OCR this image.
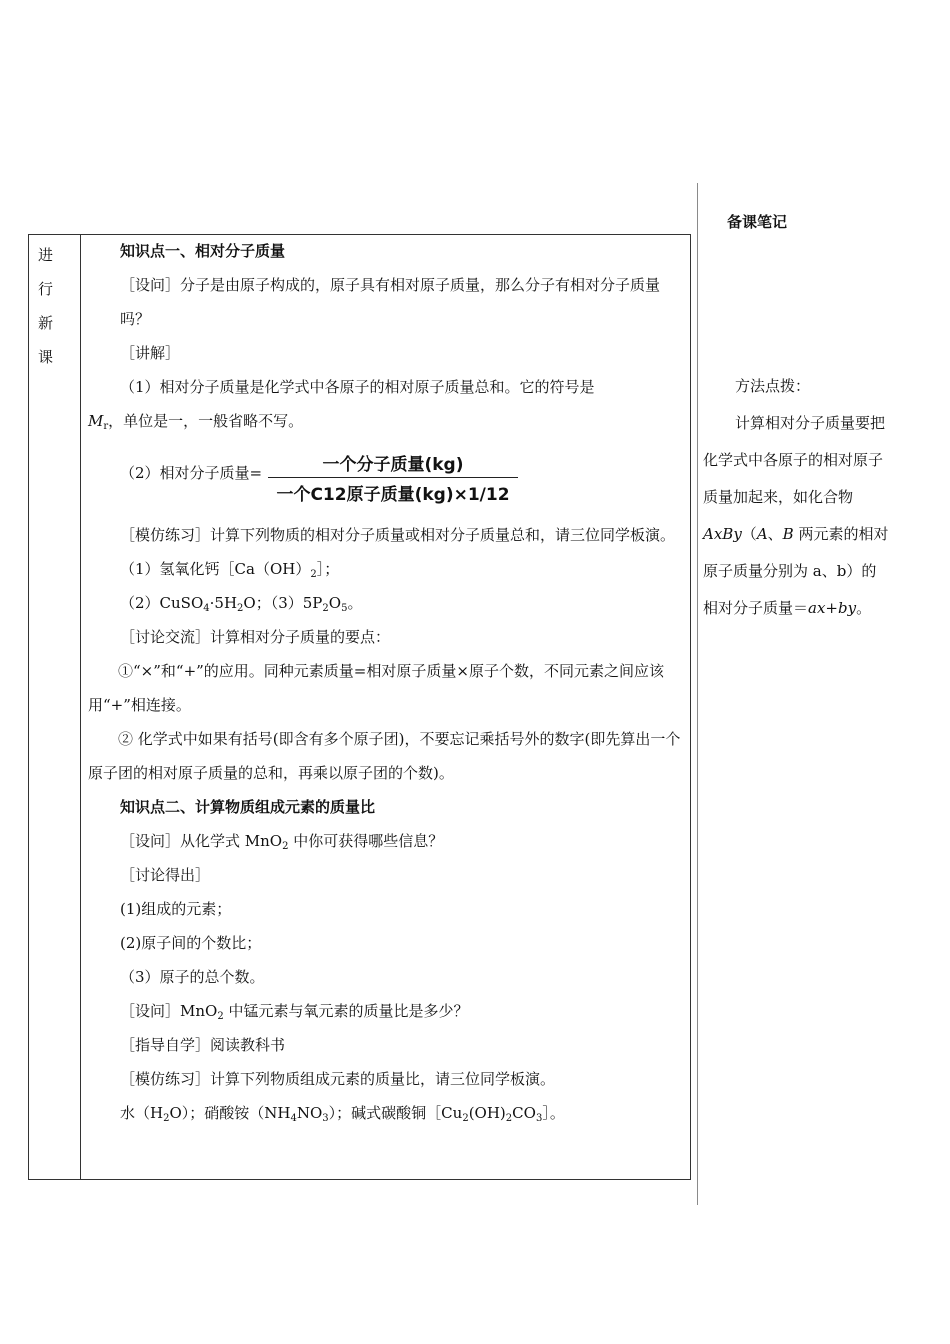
进
行
新
课

知识点一、相对分子质量

［设问］分子是由原子构成的，原子具有相对原子质量，那么分子有相对分子质量吗？

［讲解］

（1）相对分子质量是化学式中各原子的相对原子质量总和。它的符号是
$M_r$，单位是一，一般省略不写。

（2）相对分子质量=	一个分子质量(kg)
一个C12原子质量(kg)×1/12

［模仿练习］计算下列物质的相对分子质量或相对分子质量总和，请三位同学板演。

（1）氢氧化钙$[Ca(OH)_2]$；

$(2)CuSO_4\cdot 5H_2O$；$(3)5P_2O_5$。

［讨论交流］计算相对分子质量的要点：

①“×”和“+”的应用。同种元素质量=相对原子质量×原子个数，不同元素之间应该用“+”相连接。

② 化学式中如果有括号(即含有多个原子团)，不要忘记乘括号外的数字(即先算出一个原子团的相对原子质量的总和，再乘以原子团的个数)。

知识点二、计算物质组成元素的质量比

［设问］从化学式 MnO$_2$ 中你可获得哪些信息？

［讨论得出］

(1)组成的元素；

(2)原子间的个数比；

（3）原子的总个数。

［设问］MnO$_2$ 中锰元素与氧元素的质量比是多少？

［指导自学］阅读教科书

［模仿练习］计算下列物质组成元素的质量比，请三位同学板演。

水$(H_2O)$；硝酸铵$(NH_4NO_3)$；碱式碳酸铜$[Cu_2(OH)_2CO_3]$。

备课笔记
方法点拨：
计算相对分子质量要把
化学式中各原子的相对原子
质量加起来，如化合物
AxBy（A、B 两元素的相对
原子质量分别为 a、b）的
相对分子质量＝ax+by。
